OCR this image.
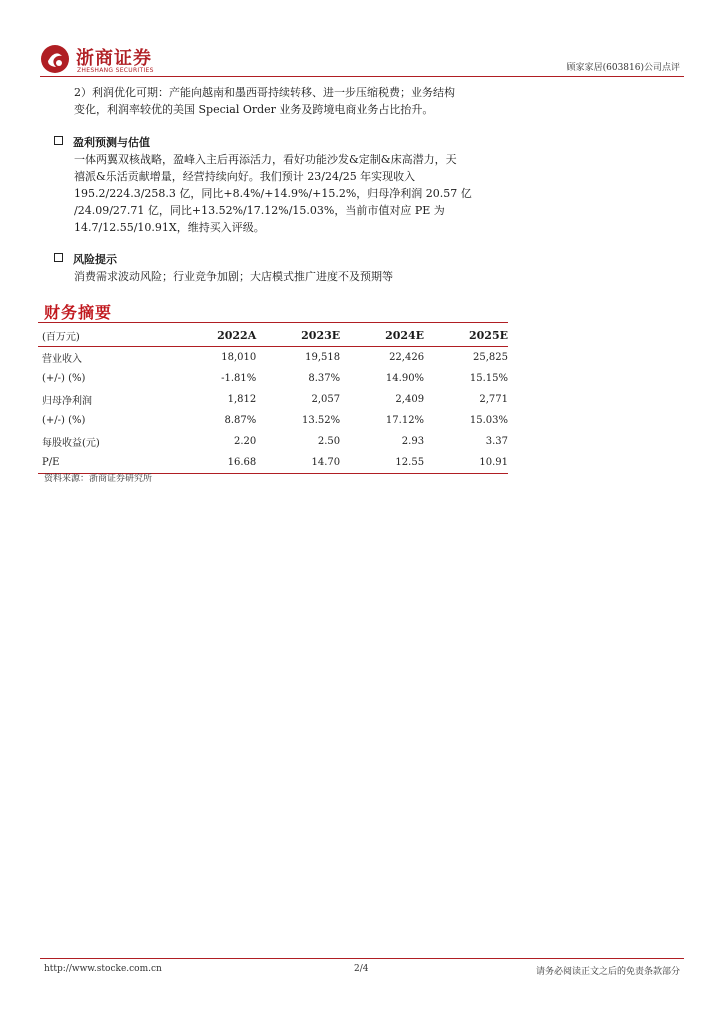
浙商证券
ZHESHANG SECURITIES	顾家家居(603816)公司点评
2）利润优化可期：产能向越南和墨西哥持续转移、进一步压缩税费；业务结构
变化，利润率较优的美国 Special Order 业务及跨境电商业务占比抬升。
盈利预测与估值
一体两翼双核战略，盈峰入主后再添活力，看好功能沙发&定制&床高潜力，天
禧派&乐活贡献增量，经营持续向好。我们预计 23/24/25 年实现收入
195.2/224.3/258.3 亿，同比+8.4%/+14.9%/+15.2%，归母净利润 20.57 亿
/24.09/27.71 亿，同比+13.52%/17.12%/15.03%，当前市值对应 PE 为
14.7/12.55/10.91X，维持买入评级。
风险提示
消费需求波动风险；行业竞争加剧；大店模式推广进度不及预期等
财务摘要
(百万元)	2022A	2023E	2024E	2025E
营业收入	18,010	19,518	22,426	25,825
(+/-) (%)	-1.81%	8.37%	14.90%	15.15%
归母净利润	1,812	2,057	2,409	2,771
(+/-) (%)	8.87%	13.52%	17.12%	15.03%
每股收益(元)	2.20	2.50	2.93	3.37
P/E	16.68	14.70	12.55	10.91
资料来源：浙商证券研究所
http://www.stocke.com.cn	2/4	请务必阅读正文之后的免责条款部分
